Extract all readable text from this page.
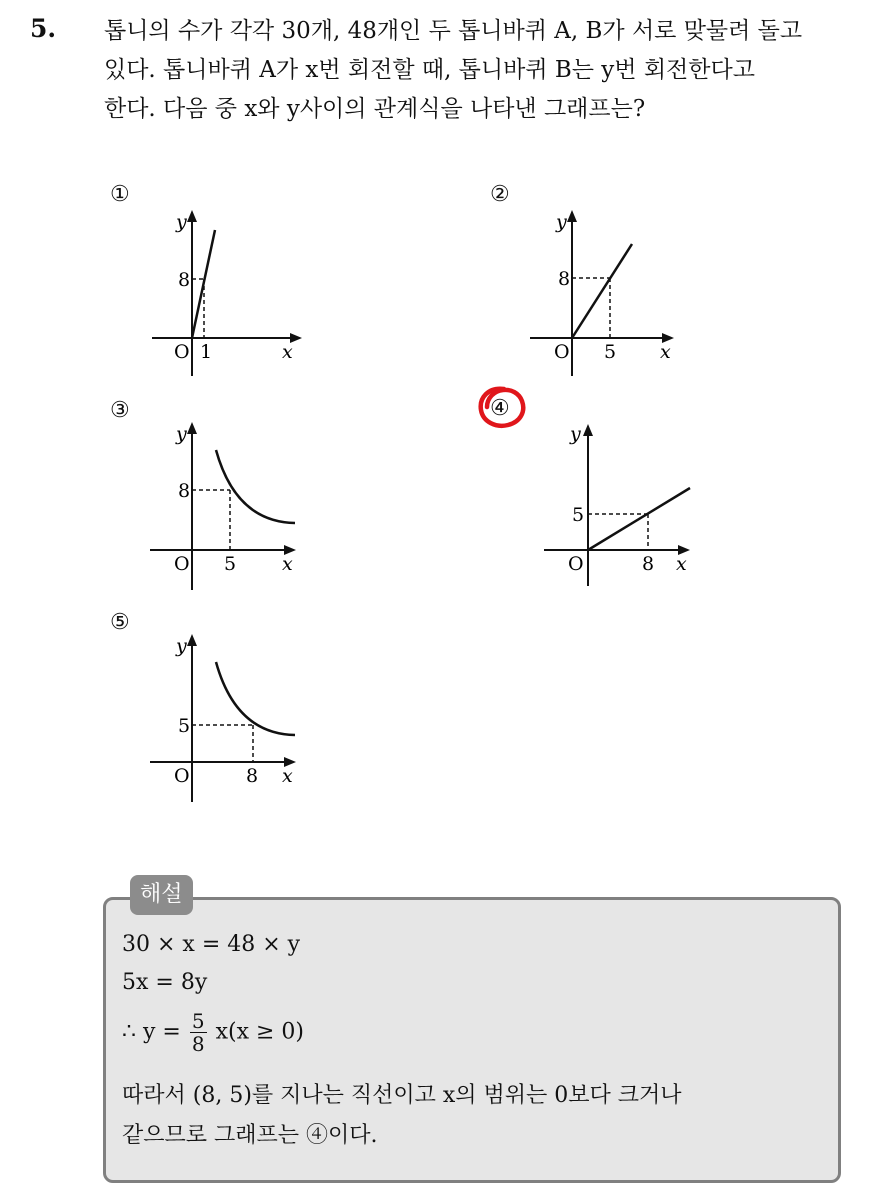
5. 톱니의 수가 각각 30개, 48개인 두 톱니바퀴 A, B가 서로 맞물려 돌고
있다. 톱니바퀴 A가 x번 회전할 때, 톱니바퀴 B는 y번 회전한다고
한다. 다음 중 x와 y사이의 관계식을 나타낸 그래프는?
①
y
8
O 1	x
②
y
8
O 5 x
③
y
8
O 5 x
④
y
5
O	8 x
⑤
y
5
O	8 x
해설
30 × x = 48 × y
5x = 8y
∴ $y = \frac{5}{8} x(x \ge 0)$
따라서 (8, 5)를 지나는 직선이고 x의 범위는 0보다 크거나
같으므로 그래프는 ④이다.
